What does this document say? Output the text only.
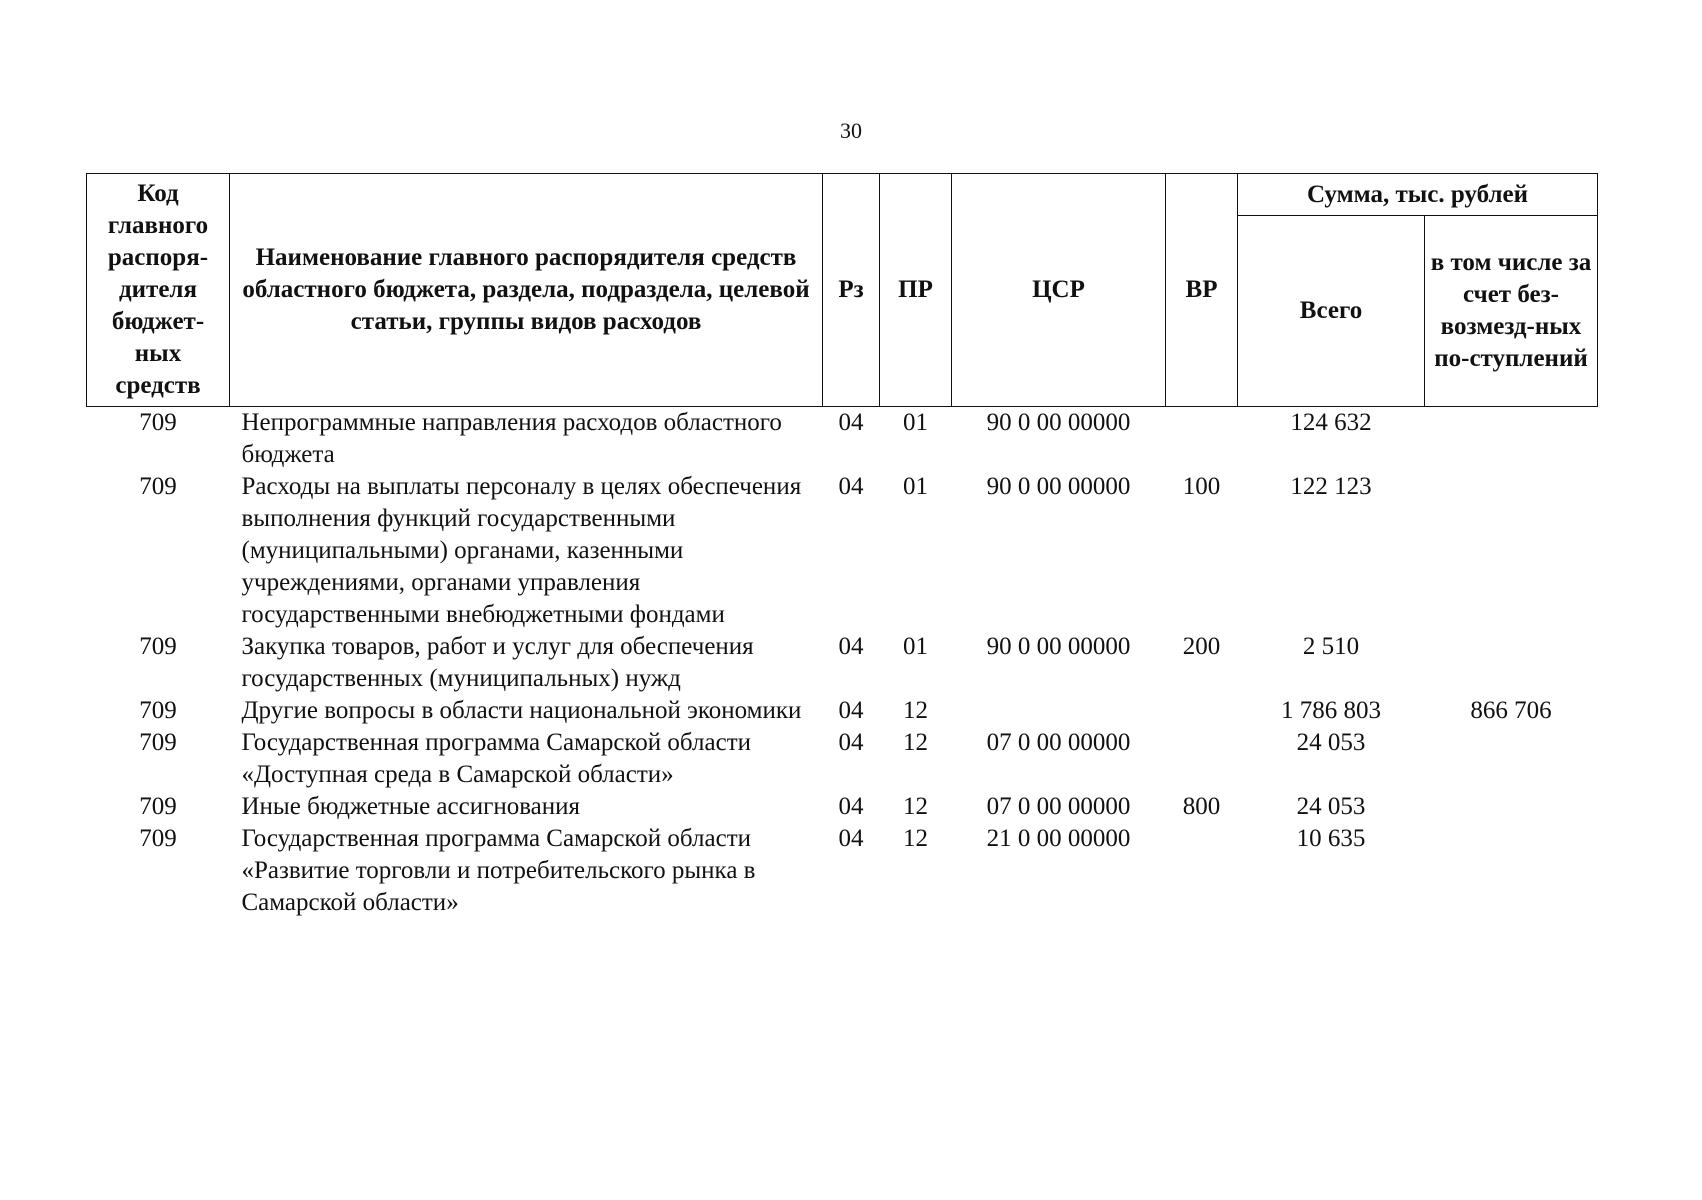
30
Код главного распоря-дителя бюджет-ных средств	Наименование главного распорядителя средств областного бюджета, раздела, подраздела, целевой статьи, группы видов расходов	Рз	ПР	ЦСР	ВР	Сумма, тыс. рублей	
						Всего	в том числе за счет без-возмезд-ных по-ступлений
709	Непрограммные направления расходов областного бюджета	04	01	90 0 00 00000		124 632	
709	Расходы на выплаты персоналу в целях обеспечения выполнения функций государственными (муниципальными) органами, казенными учреждениями, органами управления государственными внебюджетными фондами	04	01	90 0 00 00000	100	122 123	
709	Закупка товаров, работ и услуг для обеспечения государственных (муниципальных) нужд	04	01	90 0 00 00000	200	2 510	
709	Другие вопросы в области национальной экономики	04	12			1 786 803	866 706
709	Государственная программа Самарской области «Доступная среда в Самарской области»	04	12	07 0 00 00000		24 053	
709	Иные бюджетные ассигнования	04	12	07 0 00 00000	800	24 053	
709	Государственная программа Самарской области «Развитие торговли и потребительского рынка в Самарской области»	04	12	21 0 00 00000		10 635	
